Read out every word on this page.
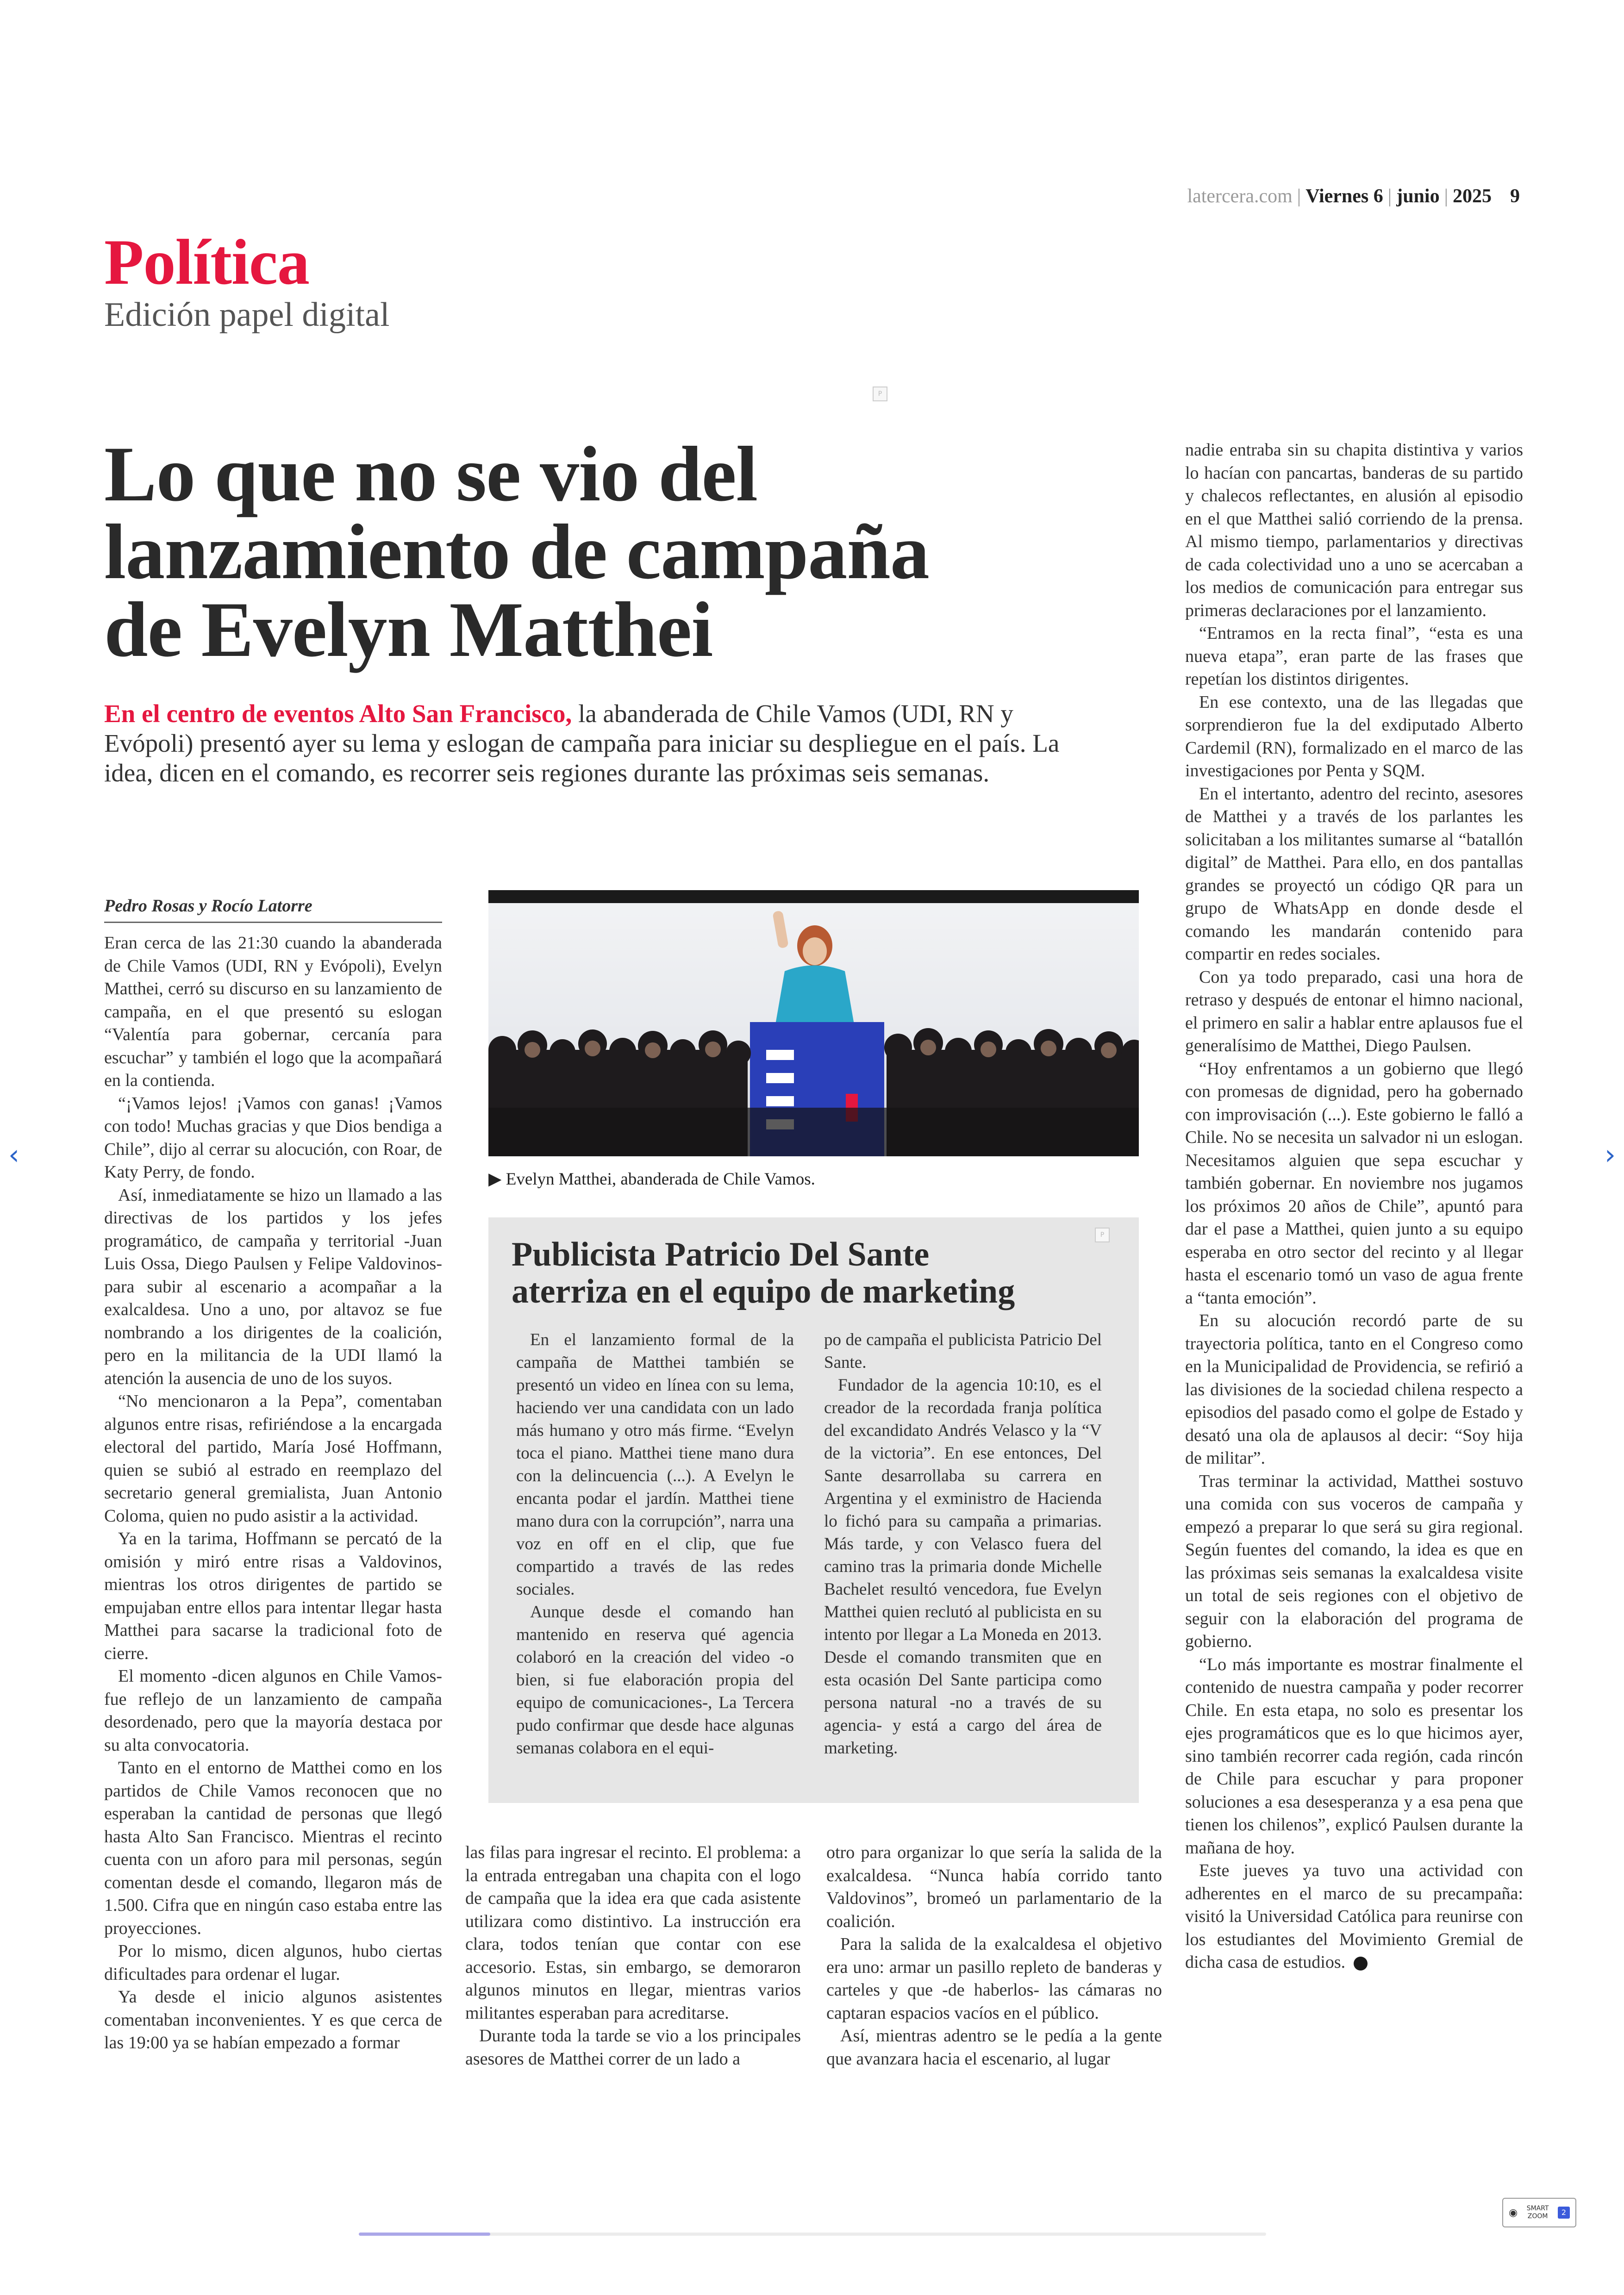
latercera.com | Viernes 6 | junio | 2025 9
Política
Edición papel digital
P
Lo que no se vio del
lanzamiento de campaña
de Evelyn Matthei
En el centro de eventos Alto San Francisco, la abanderada de Chile Vamos (UDI, RN y Evópoli) presentó ayer su lema y eslogan de campaña para iniciar su despliegue en el país. La idea, dicen en el comando, es recorrer seis regiones durante las próximas seis semanas.
Pedro Rosas y Rocío Latorre

Eran cerca de las 21:30 cuando la abanderada de Chile Vamos (UDI, RN y Evópoli), Evelyn Matthei, cerró su discurso en su lanzamiento de campaña, en el que presentó su eslogan “Valentía para gobernar, cercanía para escuchar” y también el logo que la acompañará en la contienda.

“¡Vamos lejos! ¡Vamos con ganas! ¡Vamos con todo! Muchas gracias y que Dios bendiga a Chile”, dijo al cerrar su alocución, con Roar, de Katy Perry, de fondo.

Así, inmediatamente se hizo un llamado a las directivas de los partidos y los jefes programático, de campaña y territorial -Juan Luis Ossa, Diego Paulsen y Felipe Valdovinos- para subir al escenario a acompañar a la exalcaldesa. Uno a uno, por altavoz se fue nombrando a los dirigentes de la coalición, pero en la militancia de la UDI llamó la atención la ausencia de uno de los suyos.

“No mencionaron a la Pepa”, comentaban algunos entre risas, refiriéndose a la encargada electoral del partido, María José Hoffmann, quien se subió al estrado en reemplazo del secretario general gremialista, Juan Antonio Coloma, quien no pudo asistir a la actividad.

Ya en la tarima, Hoffmann se percató de la omisión y miró entre risas a Valdovinos, mientras los otros dirigentes de partido se empujaban entre ellos para intentar llegar hasta Matthei para sacarse la tradicional foto de cierre.

El momento -dicen algunos en Chile Vamos- fue reflejo de un lanzamiento de campaña desordenado, pero que la mayoría destaca por su alta convocatoria.

Tanto en el entorno de Matthei como en los partidos de Chile Vamos reconocen que no esperaban la cantidad de personas que llegó hasta Alto San Francisco. Mientras el recinto cuenta con un aforo para mil personas, según comentan desde el comando, llegaron más de 1.500. Cifra que en ningún caso estaba entre las proyecciones.

Por lo mismo, dicen algunos, hubo ciertas dificultades para ordenar el lugar.

Ya desde el inicio algunos asistentes comentaban inconvenientes. Y es que cerca de las 19:00 ya se habían empezado a formar

▶ Evelyn Matthei, abanderada de Chile Vamos.
P
Publicista Patricio Del Sante
aterriza en el equipo de marketing

En el lanzamiento formal de la campaña de Matthei también se presentó un video en línea con su lema, haciendo ver una candidata con un lado más humano y otro más firme. “Evelyn toca el piano. Matthei tiene mano dura con la delincuencia (...). A Evelyn le encanta podar el jardín. Matthei tiene mano dura con la corrupción”, narra una voz en off en el clip, que fue compartido a través de las redes sociales.

Aunque desde el comando han mantenido en reserva qué agencia colaboró en la creación del video -o bien, si fue elaboración propia del equipo de comunicaciones-, La Tercera pudo confirmar que desde hace algunas semanas colabora en el equi-

po de campaña el publicista Patricio Del Sante.

Fundador de la agencia 10:10, es el creador de la recordada franja política del excandidato Andrés Velasco y la “V de la victoria”. En ese entonces, Del Sante desarrollaba su carrera en Argentina y el exministro de Hacienda lo fichó para su campaña a primarias. Más tarde, y con Velasco fuera del camino tras la primaria donde Michelle Bachelet resultó vencedora, fue Evelyn Matthei quien reclutó al publicista en su intento por llegar a La Moneda en 2013. Desde el comando transmiten que en esta ocasión Del Sante participa como persona natural -no a través de su agencia- y está a cargo del área de marketing.

las filas para ingresar el recinto. El problema: a la entrada entregaban una chapita con el logo de campaña que la idea era que cada asistente utilizara como distintivo. La instrucción era clara, todos tenían que contar con ese accesorio. Estas, sin embargo, se demoraron algunos minutos en llegar, mientras varios militantes esperaban para acreditarse.

Durante toda la tarde se vio a los principales asesores de Matthei correr de un lado a

otro para organizar lo que sería la salida de la exalcaldesa. “Nunca había corrido tanto Valdovinos”, bromeó un parlamentario de la coalición.

Para la salida de la exalcaldesa el objetivo era uno: armar un pasillo repleto de banderas y carteles y que -de haberlos- las cámaras no captaran espacios vacíos en el público.

Así, mientras adentro se le pedía a la gente que avanzara hacia el escenario, al lugar

nadie entraba sin su chapita distintiva y varios lo hacían con pancartas, banderas de su partido y chalecos reflectantes, en alusión al episodio en el que Matthei salió corriendo de la prensa. Al mismo tiempo, parlamentarios y directivas de cada colectividad uno a uno se acercaban a los medios de comunicación para entregar sus primeras declaraciones por el lanzamiento.

“Entramos en la recta final”, “esta es una nueva etapa”, eran parte de las frases que repetían los distintos dirigentes.

En ese contexto, una de las llegadas que sorprendieron fue la del exdiputado Alberto Cardemil (RN), formalizado en el marco de las investigaciones por Penta y SQM.

En el intertanto, adentro del recinto, asesores de Matthei y a través de los parlantes les solicitaban a los militantes sumarse al “batallón digital” de Matthei. Para ello, en dos pantallas grandes se proyectó un código QR para un grupo de WhatsApp en donde desde el comando les mandarán contenido para compartir en redes sociales.

Con ya todo preparado, casi una hora de retraso y después de entonar el himno nacional, el primero en salir a hablar entre aplausos fue el generalísimo de Matthei, Diego Paulsen.

“Hoy enfrentamos a un gobierno que llegó con promesas de dignidad, pero ha gobernado con improvisación (...). Este gobierno le falló a Chile. No se necesita un salvador ni un eslogan. Necesitamos alguien que sepa escuchar y también gobernar. En noviembre nos jugamos los próximos 20 años de Chile”, apuntó para dar el pase a Matthei, quien junto a su equipo esperaba en otro sector del recinto y al llegar hasta el escenario tomó un vaso de agua frente a “tanta emoción”.

En su alocución recordó parte de su trayectoria política, tanto en el Congreso como en la Municipalidad de Providencia, se refirió a las divisiones de la sociedad chilena respecto a episodios del pasado como el golpe de Estado y desató una ola de aplausos al decir: “Soy hija de militar”.

Tras terminar la actividad, Matthei sostuvo una comida con sus voceros de campaña y empezó a preparar lo que será su gira regional. Según fuentes del comando, la idea es que en las próximas seis semanas la exalcaldesa visite un total de seis regiones con el objetivo de seguir con la elaboración del programa de gobierno.

“Lo más importante es mostrar finalmente el contenido de nuestra campaña y poder recorrer Chile. En esta etapa, no solo es presentar los ejes programáticos que es lo que hicimos ayer, sino también recorrer cada región, cada rincón de Chile para escuchar y para proponer soluciones a esa desesperanza y a esa pena que tienen los chilenos”, explicó Paulsen durante la mañana de hoy.

Este jueves ya tuvo una actividad con adherentes en el marco de su precampaña: visitó la Universidad Católica para reunirse con los estudiantes del Movimiento Gremial de dicha casa de estudios.

‹	›
◉ SMART
ZOOM	2
